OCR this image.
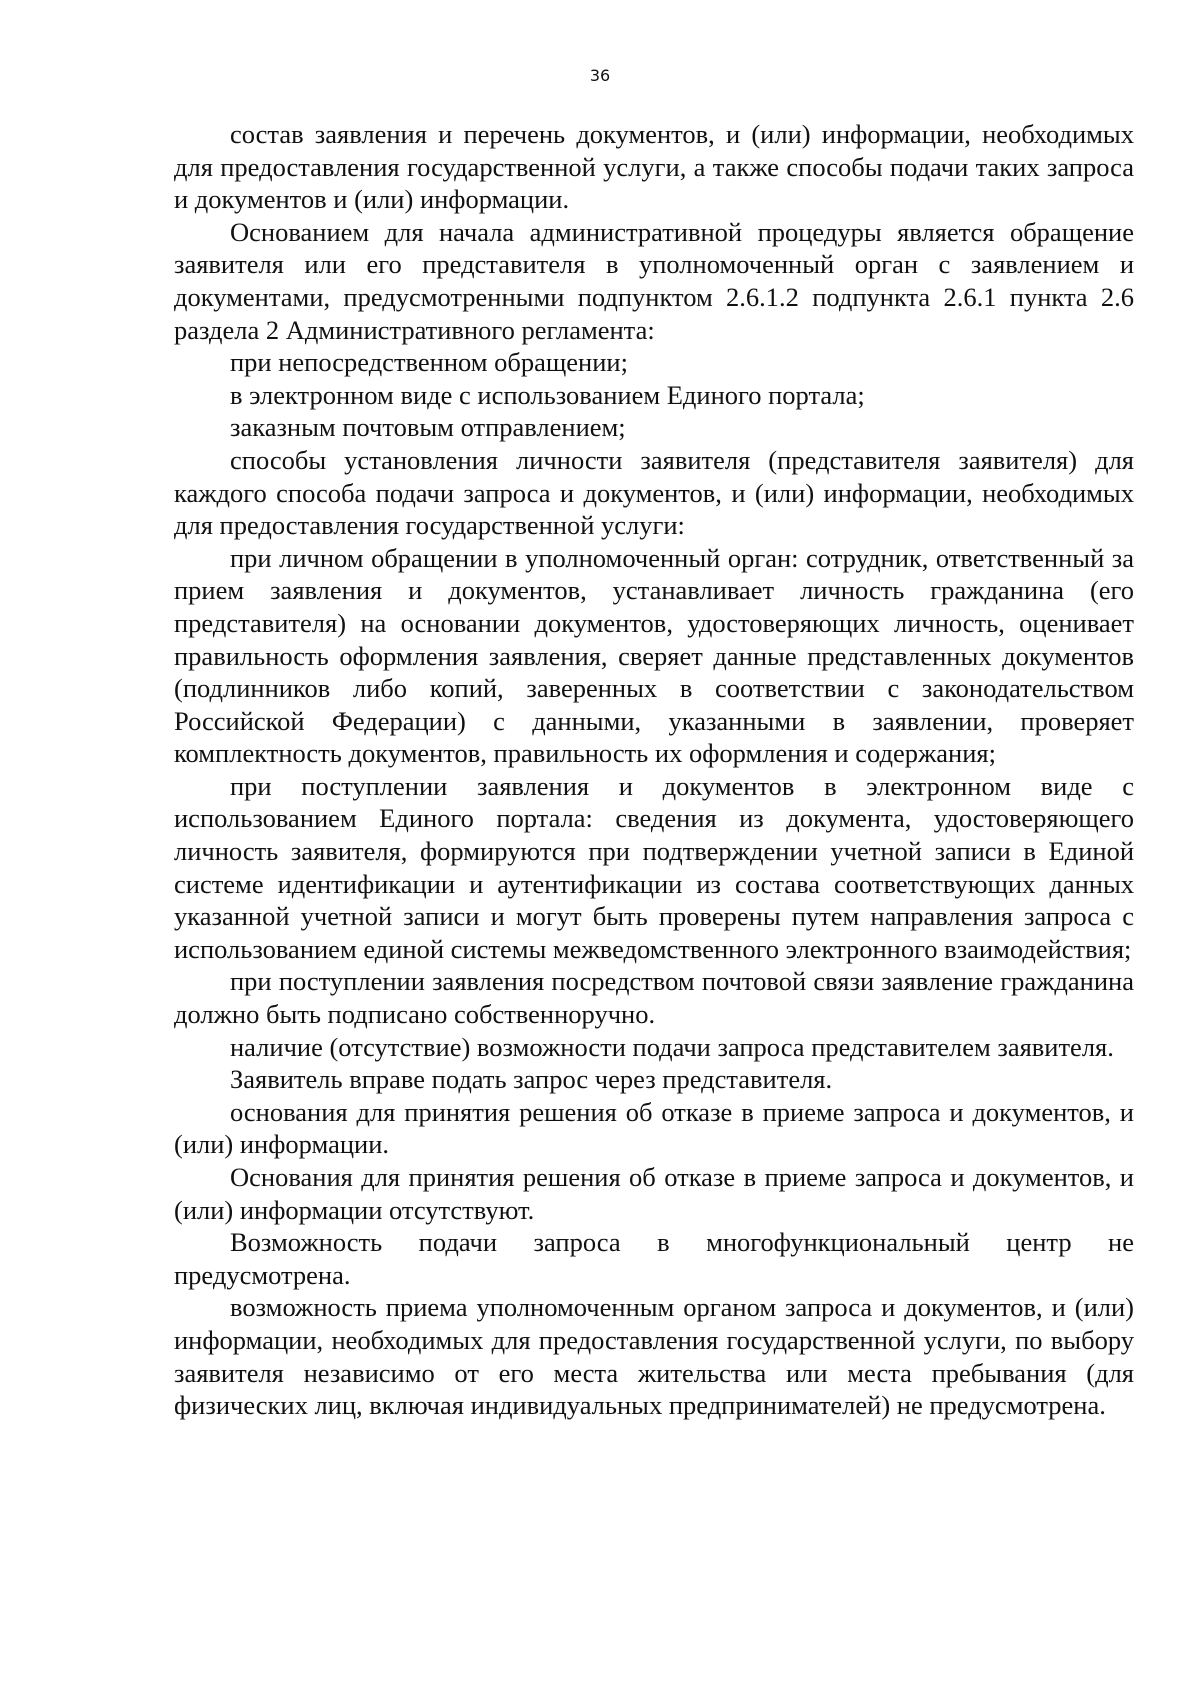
36

состав заявления и перечень документов, и (или) информации, необходимых для предоставления государственной услуги, а также способы подачи таких запроса и документов и (или) информации.

Основанием для начала административной процедуры является обращение заявителя или его представителя в уполномоченный орган с заявлением и документами, предусмотренными подпунктом 2.6.1.2 подпункта 2.6.1 пункта 2.6 раздела 2 Административного регламента:

при непосредственном обращении;

в электронном виде с использованием Единого портала;

заказным почтовым отправлением;

способы установления личности заявителя (представителя заявителя) для каждого способа подачи запроса и документов, и (или) информации, необходимых для предоставления государственной услуги:

при личном обращении в уполномоченный орган: сотрудник, ответственный за прием заявления и документов, устанавливает личность гражданина (его представителя) на основании документов, удостоверяющих личность, оценивает правильность оформления заявления, сверяет данные представленных документов (подлинников либо копий, заверенных в соответствии с законодательством Российской Федерации) с данными, указанными в заявлении, проверяет комплектность документов, правильность их оформления и содержания;

при поступлении заявления и документов в электронном виде с использованием Единого портала: сведения из документа, удостоверяющего личность заявителя, формируются при подтверждении учетной записи в Единой системе идентификации и аутентификации из состава соответствующих данных указанной учетной записи и могут быть проверены путем направления запроса с использованием единой системы межведомственного электронного взаимодействия;

при поступлении заявления посредством почтовой связи заявление гражданина должно быть подписано собственноручно.

наличие (отсутствие) возможности подачи запроса представителем заявителя.

Заявитель вправе подать запрос через представителя.

основания для принятия решения об отказе в приеме запроса и документов, и (или) информации.

Основания для принятия решения об отказе в приеме запроса и документов, и (или) информации отсутствуют.

Возможность подачи запроса в многофункциональный центр не предусмотрена.

возможность приема уполномоченным органом запроса и документов, и (или) информации, необходимых для предоставления государственной услуги, по выбору заявителя независимо от его места жительства или места пребывания (для физических лиц, включая индивидуальных предпринимателей) не предусмотрена.
